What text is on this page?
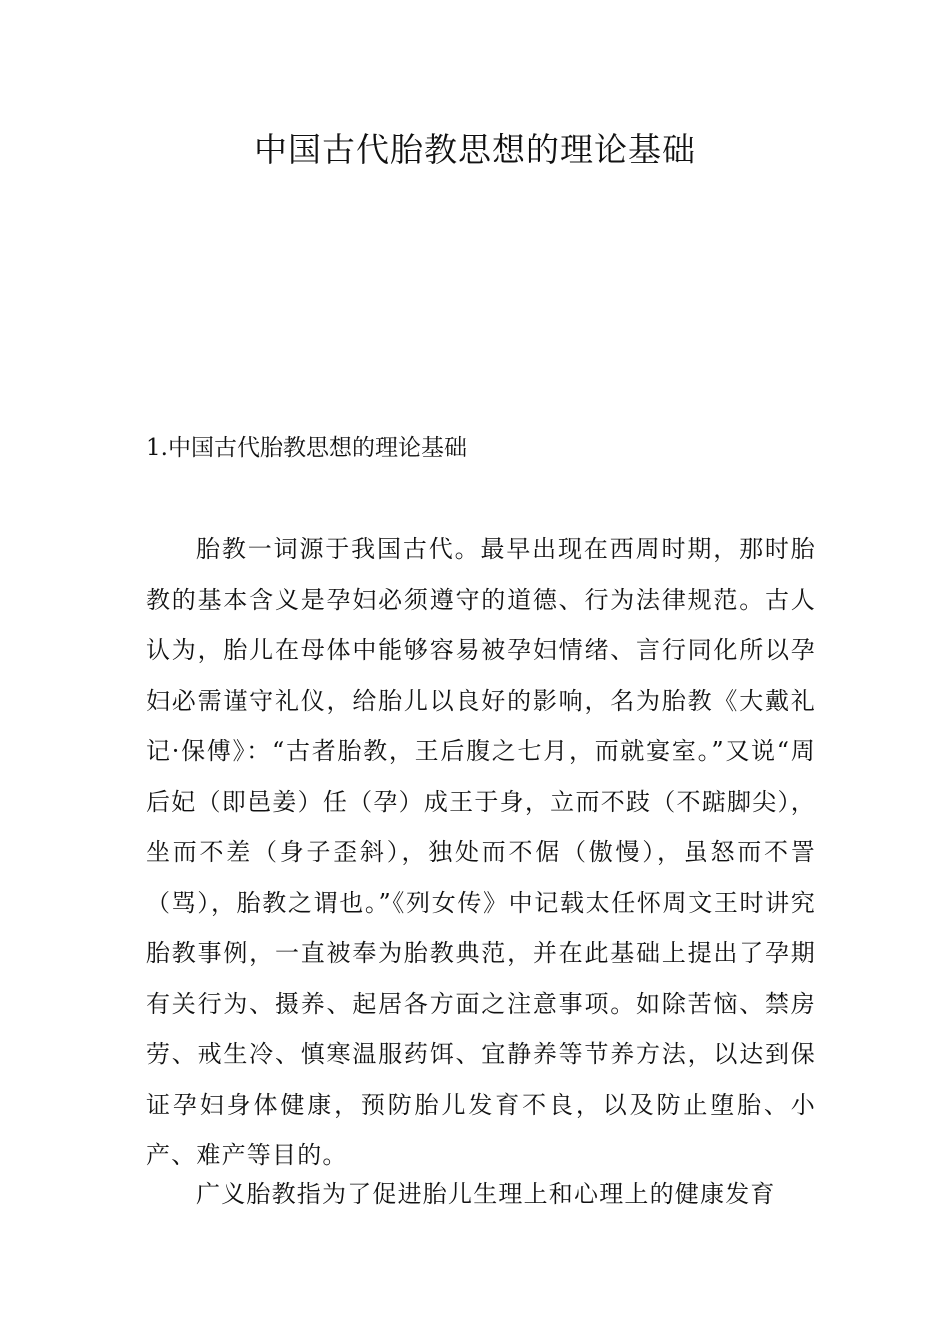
中国古代胎教思想的理论基础
1.中国古代胎教思想的理论基础

胎教一词源于我国古代。最早出现在西周时期，那时胎教的基本含义是孕妇必须遵守的道德、行为法律规范。古人认为，胎儿在母体中能够容易被孕妇情绪、言行同化所以孕妇必需谨守礼仪，给胎儿以良好的影响，名为胎教《大戴礼记·保傅》：“古者胎教，王后腹之七月，而就宴室。”又说“周后妃（即邑姜）任（孕）成王于身，立而不跂（不踮脚尖），坐而不差（身子歪斜），独处而不倨（傲慢），虽怒而不詈（骂），胎教之谓也。”《列女传》中记载太任怀周文王时讲究胎教事例，一直被奉为胎教典范，并在此基础上提出了孕期有关行为、摄养、起居各方面之注意事项。如除苦恼、禁房劳、戒生冷、慎寒温服药饵、宜静养等节养方法，以达到保证孕妇身体健康，预防胎儿发育不良，以及防止堕胎、小产、难产等目的。

广义胎教指为了促进胎儿生理上和心理上的健康发育
